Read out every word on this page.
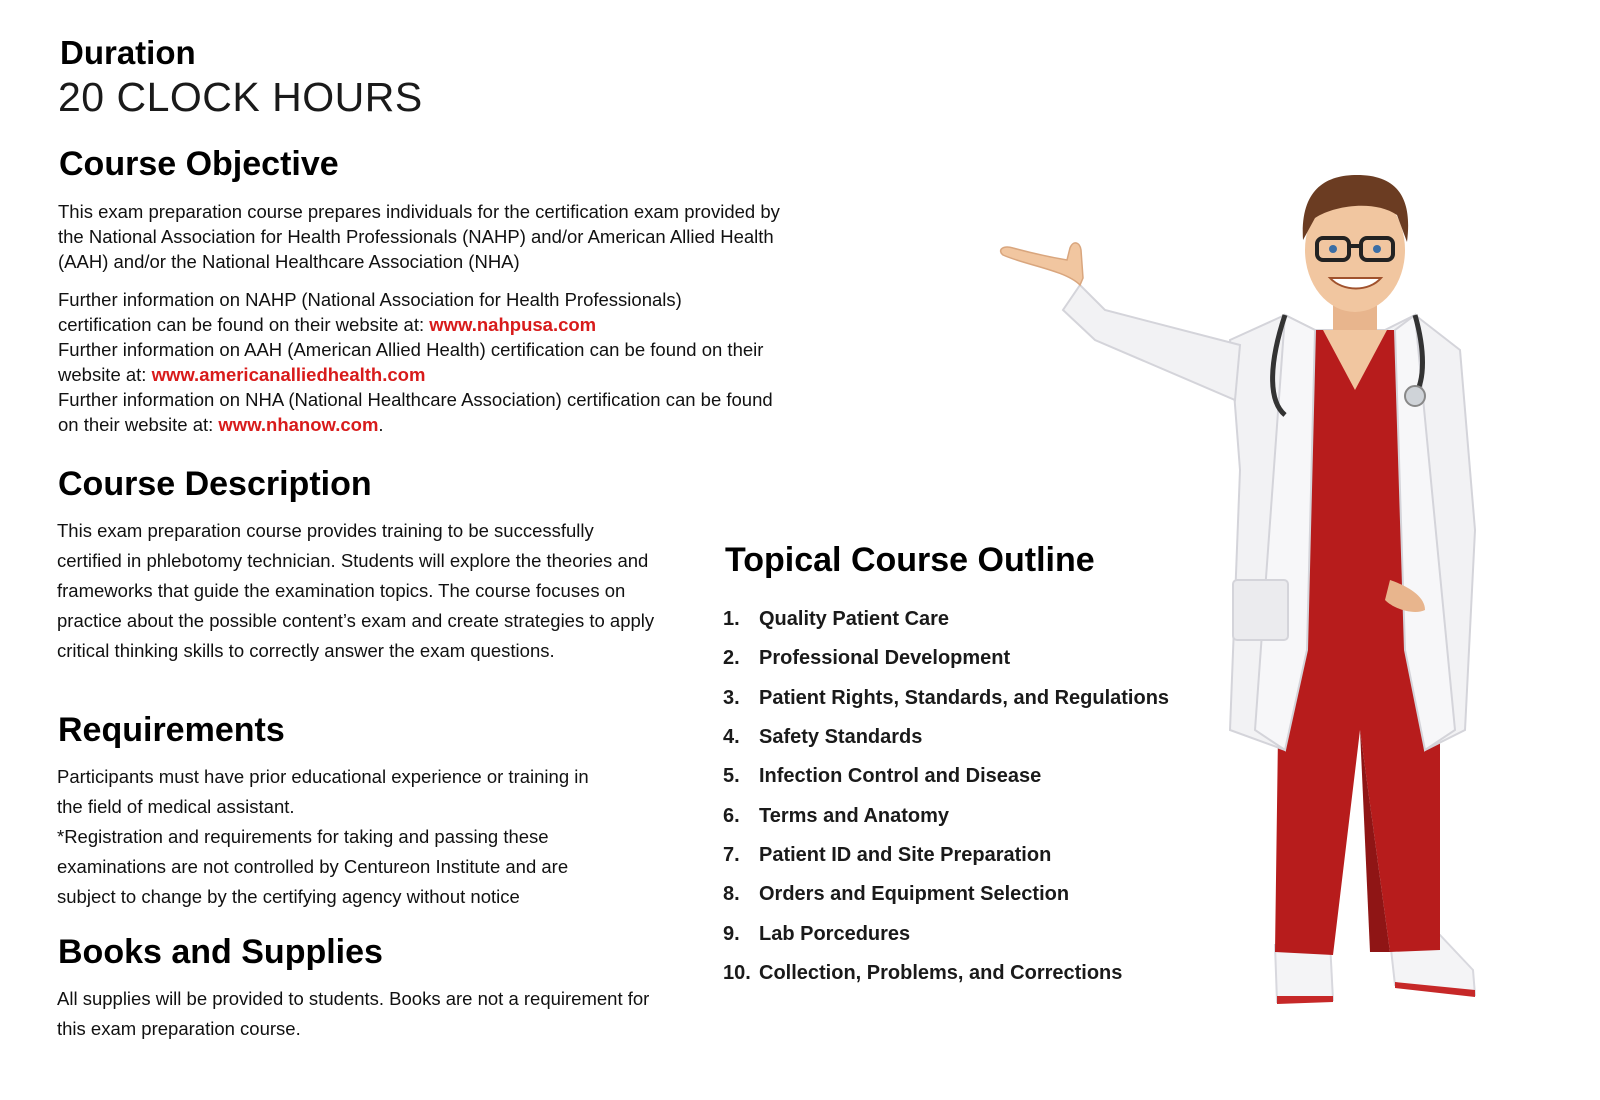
Duration
20 CLOCK HOURS
Course Objective

This exam preparation course prepares individuals for the certification exam provided by the National Association for Health Professionals (NAHP) and/or American Allied Health (AAH) and/or the National Healthcare Association (NHA)

Further information on NAHP (National Association for Health Professionals) certification can be found on their website at: www.nahpusa.com
Further information on AAH (American Allied Health) certification can be found on their website at: www.americanalliedhealth.com
Further information on NHA (National Healthcare Association) certification can be found on their website at: www.nhanow.com.

Course Description

This exam preparation course provides training to be successfully certified in phlebotomy technician. Students will explore the theories and frameworks that guide the examination topics. The course focuses on practice about the possible content’s exam and create strategies to apply critical thinking skills to correctly answer the exam questions.

Requirements

Participants must have prior educational experience or training in the field of medical assistant.

*Registration and requirements for taking and passing these examinations are not controlled by Centureon Institute and are subject to change by the certifying agency without notice

Books and Supplies

All supplies will be provided to students. Books are not a requirement for this exam preparation course.

Topical Course Outline
1. Quality Patient Care
2. Professional Development
3. Patient Rights, Standards, and Regulations
4. Safety Standards
5. Infection Control and Disease
6. Terms and Anatomy
7. Patient ID and Site Preparation
8. Orders and Equipment Selection
9. Lab Porcedures
10. Collection, Problems, and Corrections
